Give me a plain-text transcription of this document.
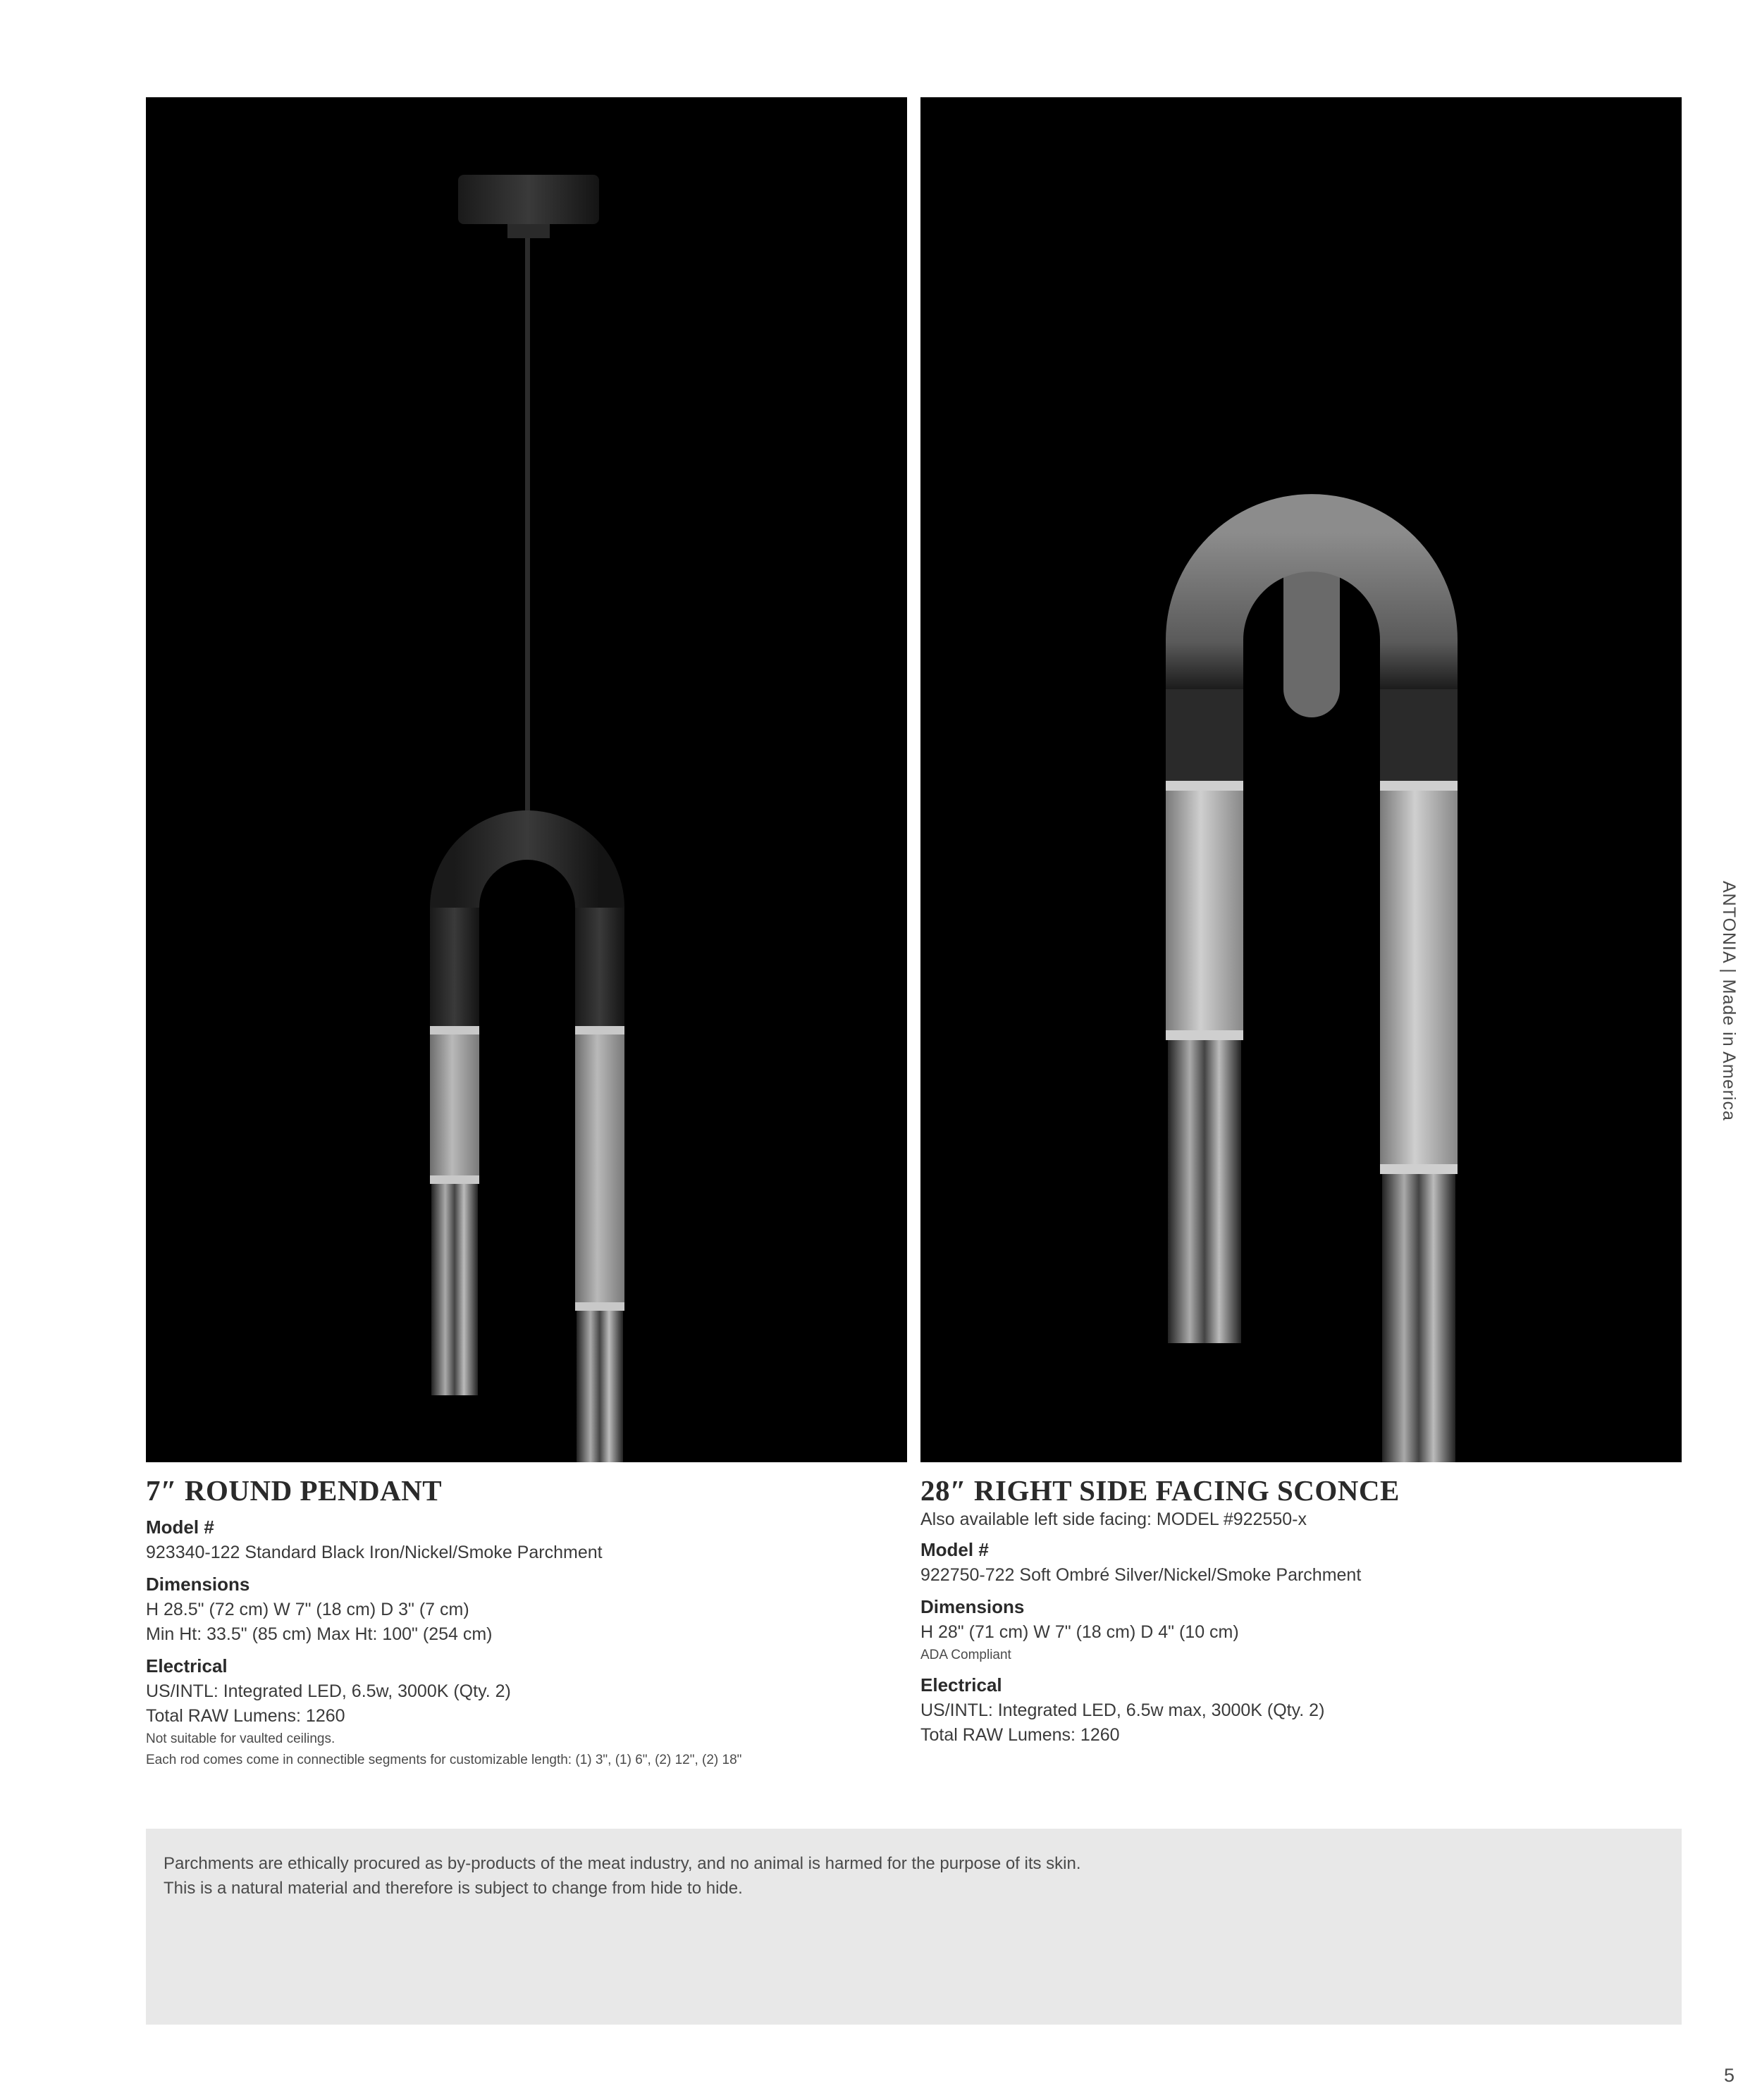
7″ ROUND PENDANT
Model #

923340-122 Standard Black Iron/Nickel/Smoke Parchment

Dimensions

H 28.5" (72 cm) W 7" (18 cm) D 3" (7 cm)

Min Ht: 33.5" (85 cm) Max Ht: 100" (254 cm)

Electrical

US/INTL: Integrated LED, 6.5w, 3000K (Qty. 2)

Total RAW Lumens: 1260

Not suitable for vaulted ceilings.

Each rod comes come in connectible segments for customizable length: (1) 3", (1) 6", (2) 12", (2) 18"

28″ RIGHT SIDE FACING SCONCE

Also available left side facing: MODEL #922550-x

Model #

922750-722 Soft Ombré Silver/Nickel/Smoke Parchment

Dimensions

H 28" (71 cm) W 7" (18 cm) D 4" (10 cm)

ADA Compliant

Electrical

US/INTL: Integrated LED, 6.5w max, 3000K (Qty. 2)

Total RAW Lumens: 1260

Parchments are ethically procured as by-products of the meat industry, and no animal is harmed for the purpose of its skin.

This is a natural material and therefore is subject to change from hide to hide.

ANTONIA | Made in America
5
